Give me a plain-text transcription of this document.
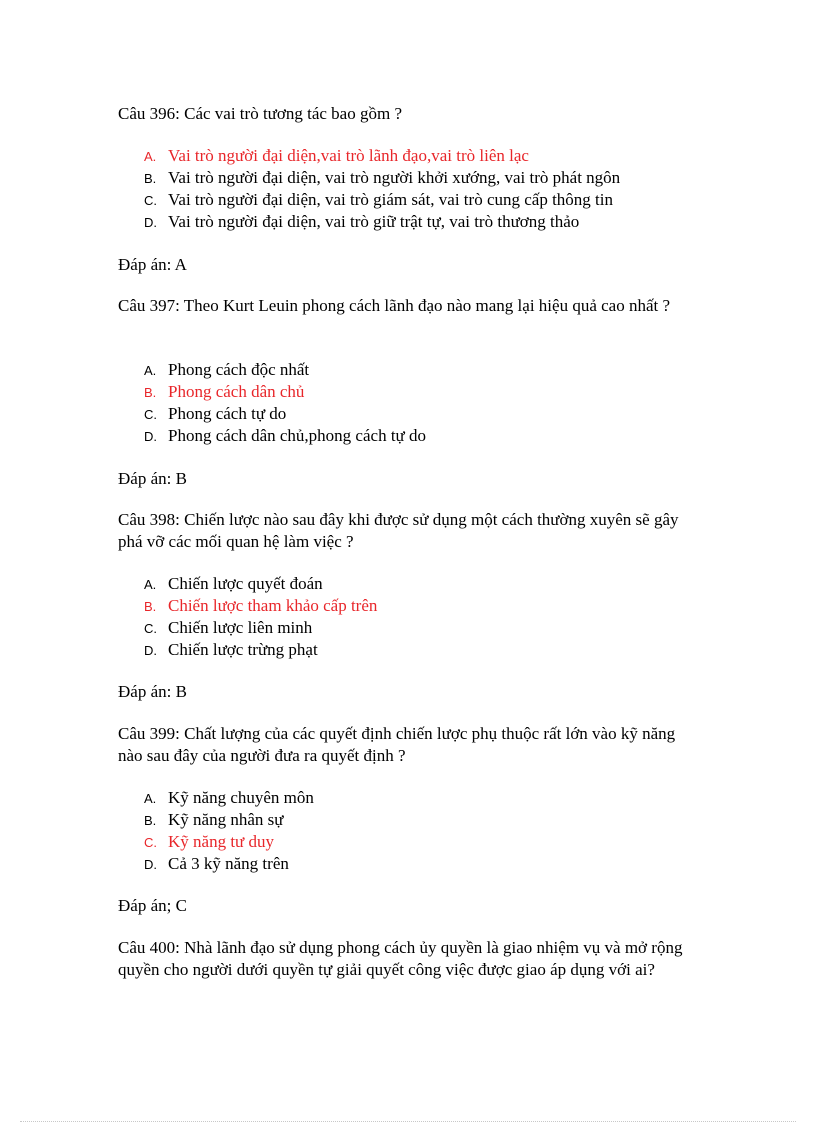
Câu 396: Các vai trò tương tác bao gồm ?
A. Vai trò người đại diện,vai trò lãnh đạo,vai trò liên lạc
B. Vai trò người đại diện, vai trò người khởi xướng, vai trò phát ngôn
C. Vai trò người đại diện, vai trò giám sát, vai trò cung cấp thông tin
D. Vai trò người đại diện, vai trò giữ trật tự, vai trò thương thảo
Đáp án: A
Câu 397: Theo Kurt Leuin phong cách lãnh đạo nào mang lại hiệu quả cao nhất ?
A. Phong cách độc nhất
B. Phong cách dân chủ
C. Phong cách tự do
D. Phong cách dân chủ,phong cách tự do
Đáp án: B
Câu 398: Chiến lược nào sau đây khi được sử dụng một cách thường xuyên sẽ gây phá vỡ các mối quan hệ làm việc ?
A. Chiến lược quyết đoán
B. Chiến lược tham khảo cấp trên
C. Chiến lược liên minh
D. Chiến lược trừng phạt
Đáp án: B
Câu 399: Chất lượng của các quyết định chiến lược phụ thuộc rất lớn vào kỹ năng nào sau đây của người đưa ra quyết định ?
A. Kỹ năng chuyên môn
B. Kỹ năng nhân sự
C. Kỹ năng tư duy
D. Cả 3 kỹ năng trên
Đáp án; C
Câu 400: Nhà lãnh đạo sử dụng phong cách ủy quyền là giao nhiệm vụ và mở rộng quyền cho người dưới quyền tự giải quyết công việc được giao áp dụng với ai?
